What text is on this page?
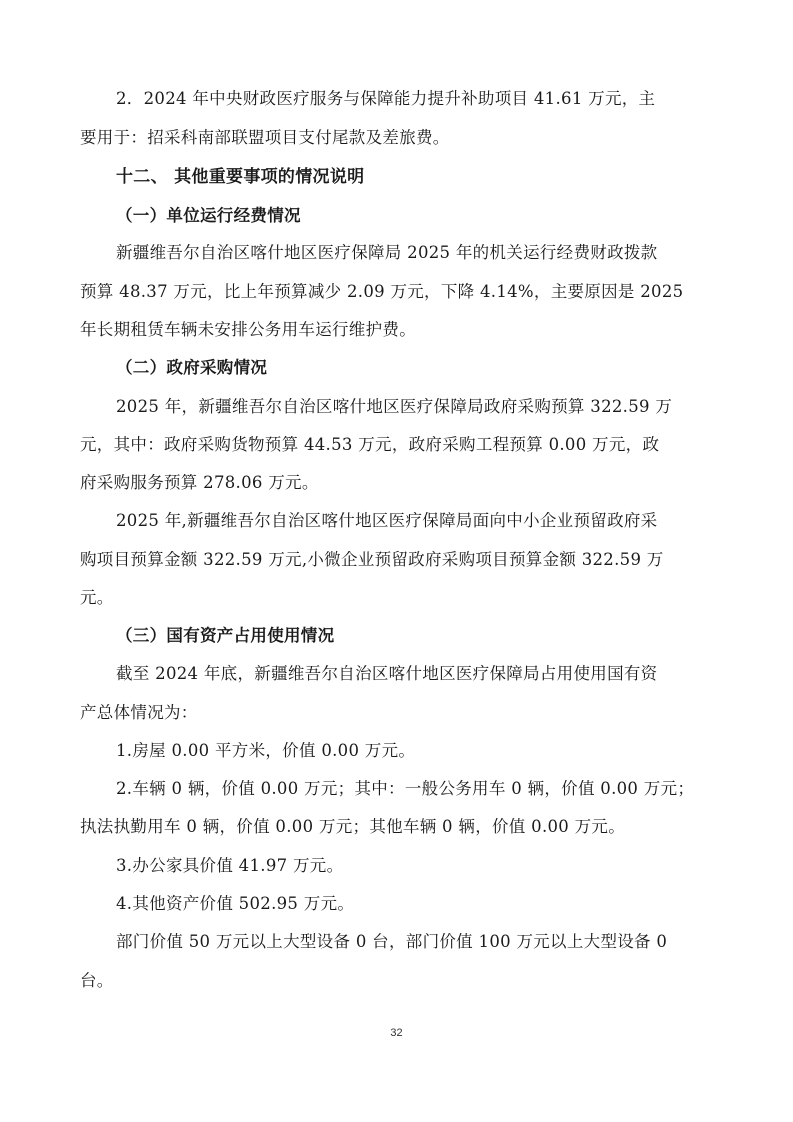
2．2024 年中央财政医疗服务与保障能力提升补助项目 41.61 万元，主
要用于：招采科南部联盟项目支付尾款及差旅费。
十二、 其他重要事项的情况说明
（一）单位运行经费情况
新疆维吾尔自治区喀什地区医疗保障局 2025 年的机关运行经费财政拨款
预算 48.37 万元，比上年预算减少 2.09 万元，下降 4.14%，主要原因是 2025
年长期租赁车辆未安排公务用车运行维护费。
（二）政府采购情况
2025 年，新疆维吾尔自治区喀什地区医疗保障局政府采购预算 322.59 万
元，其中：政府采购货物预算 44.53 万元，政府采购工程预算 0.00 万元，政
府采购服务预算 278.06 万元。
2025 年,新疆维吾尔自治区喀什地区医疗保障局面向中小企业预留政府采
购项目预算金额 322.59 万元,小微企业预留政府采购项目预算金额 322.59 万
元。
（三）国有资产占用使用情况
截至 2024 年底，新疆维吾尔自治区喀什地区医疗保障局占用使用国有资
产总体情况为：
1.房屋 0.00 平方米，价值 0.00 万元。
2.车辆 0 辆，价值 0.00 万元；其中：一般公务用车 0 辆，价值 0.00 万元；
执法执勤用车 0 辆，价值 0.00 万元；其他车辆 0 辆，价值 0.00 万元。
3.办公家具价值 41.97 万元。
4.其他资产价值 502.95 万元。
部门价值 50 万元以上大型设备 0 台，部门价值 100 万元以上大型设备 0
台。
32
